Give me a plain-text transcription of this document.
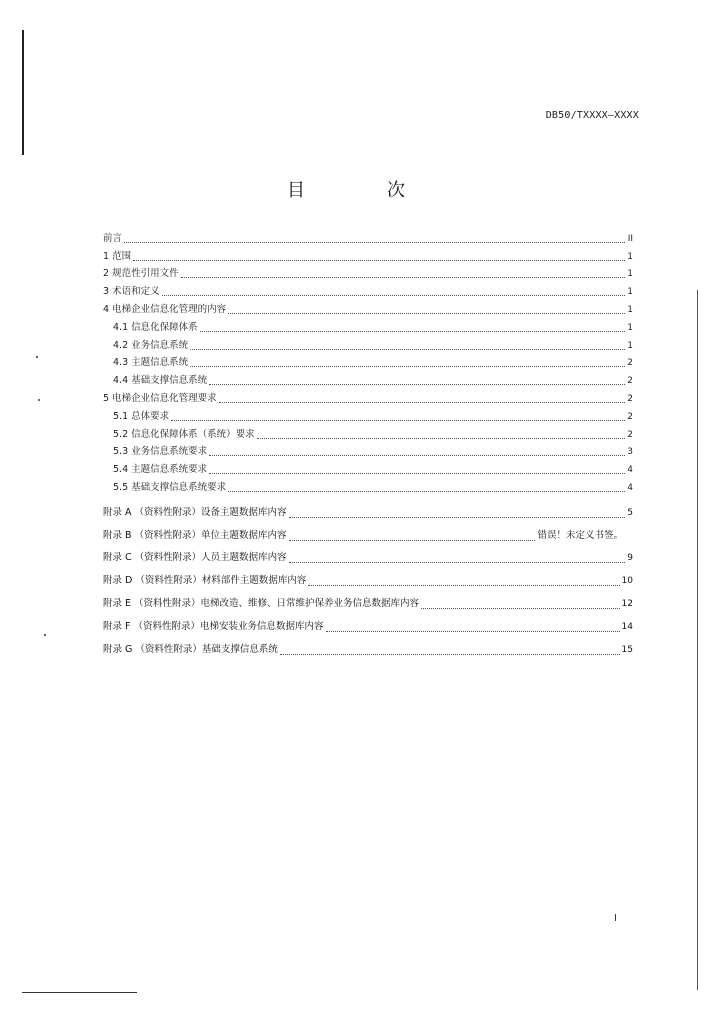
DB50/TXXXX—XXXX
目　次
前言	II
1 范围	1
2 规范性引用文件	1
3 术语和定义	1
4 电梯企业信息化管理的内容	1
4.1 信息化保障体系	1
4.2 业务信息系统	1
4.3 主题信息系统	2
4.4 基础支撑信息系统	2
5 电梯企业信息化管理要求	2
5.1 总体要求	2
5.2 信息化保障体系（系统）要求	2
5.3 业务信息系统要求	3
5.4 主题信息系统要求	4
5.5 基础支撑信息系统要求	4
附录 A （资料性附录）设备主题数据库内容	5
附录 B （资料性附录）单位主题数据库内容	错误！未定义书签。
附录 C （资料性附录）人员主题数据库内容	9
附录 D （资料性附录）材料部件主题数据库内容	10
附录 E （资料性附录）电梯改造、维修、日常维护保养业务信息数据库内容	12
附录 F （资料性附录）电梯安装业务信息数据库内容	14
附录 G （资料性附录）基础支撑信息系统	15
I
